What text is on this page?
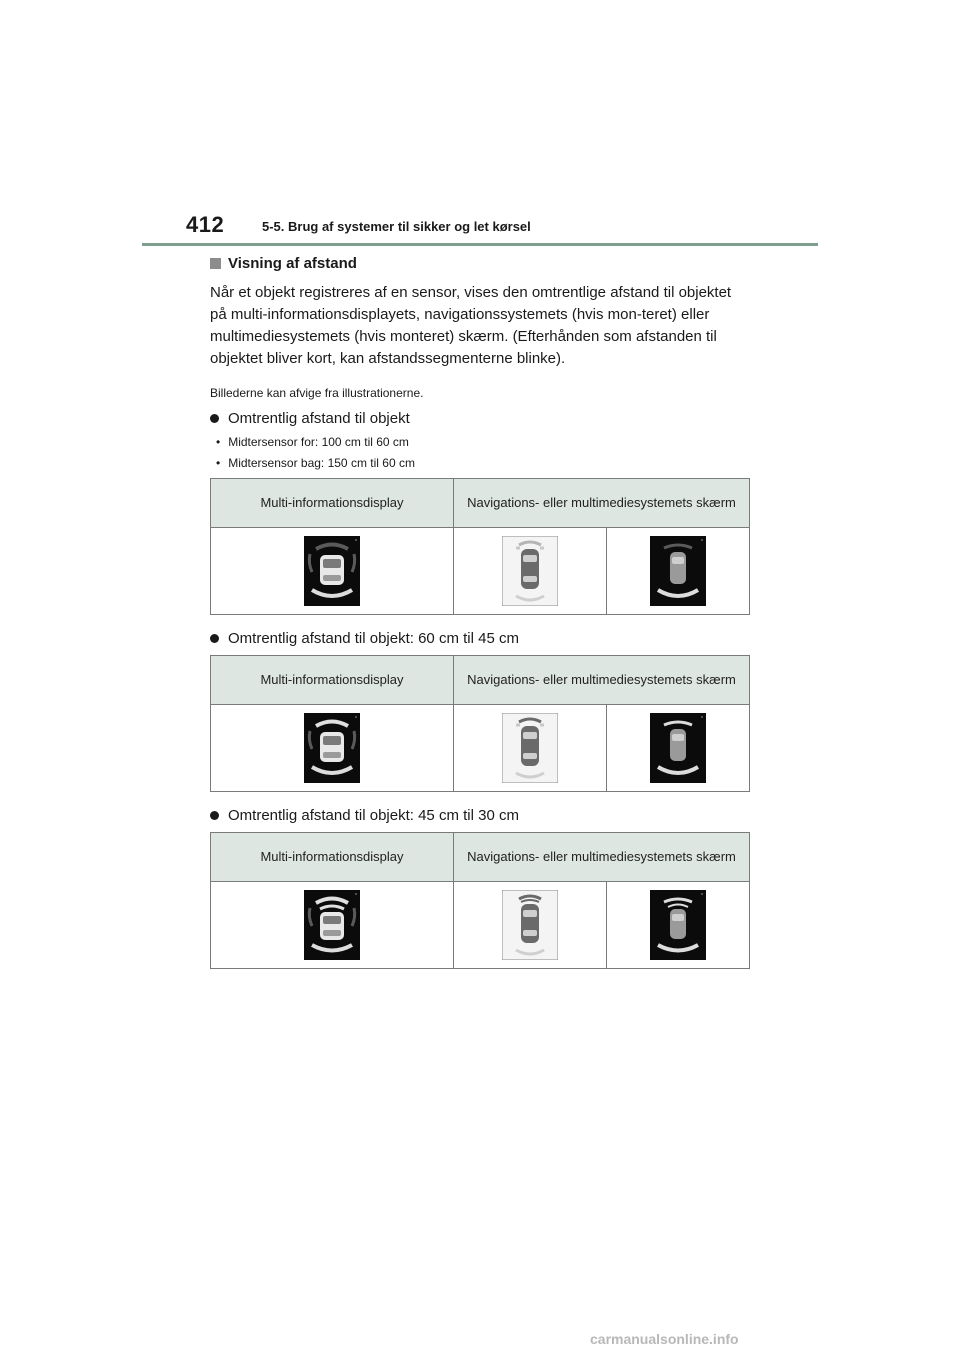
412	5-5. Brug af systemer til sikker og let kørsel
Visning af afstand

Når et objekt registreres af en sensor, vises den omtrentlige afstand til objektet på multi-informationsdisplayets, navigationssystemets (hvis mon-teret) eller multimediesystemets (hvis monteret) skærm. (Efterhånden som afstanden til objektet bliver kort, kan afstandssegmenterne blinke).

Billederne kan afvige fra illustrationerne.
Omtrentlig afstand til objekt
• Midtersensor for: 100 cm til 60 cm
• Midtersensor bag: 150 cm til 60 cm
Multi-informationsdisplay	Navigations- eller multimediesystemets skærm	

Omtrentlig afstand til objekt: 60 cm til 45 cm
Multi-informationsdisplay	Navigations- eller multimediesystemets skærm	

Omtrentlig afstand til objekt: 45 cm til 30 cm
Multi-informationsdisplay	Navigations- eller multimediesystemets skærm	

carmanualsonline.info
